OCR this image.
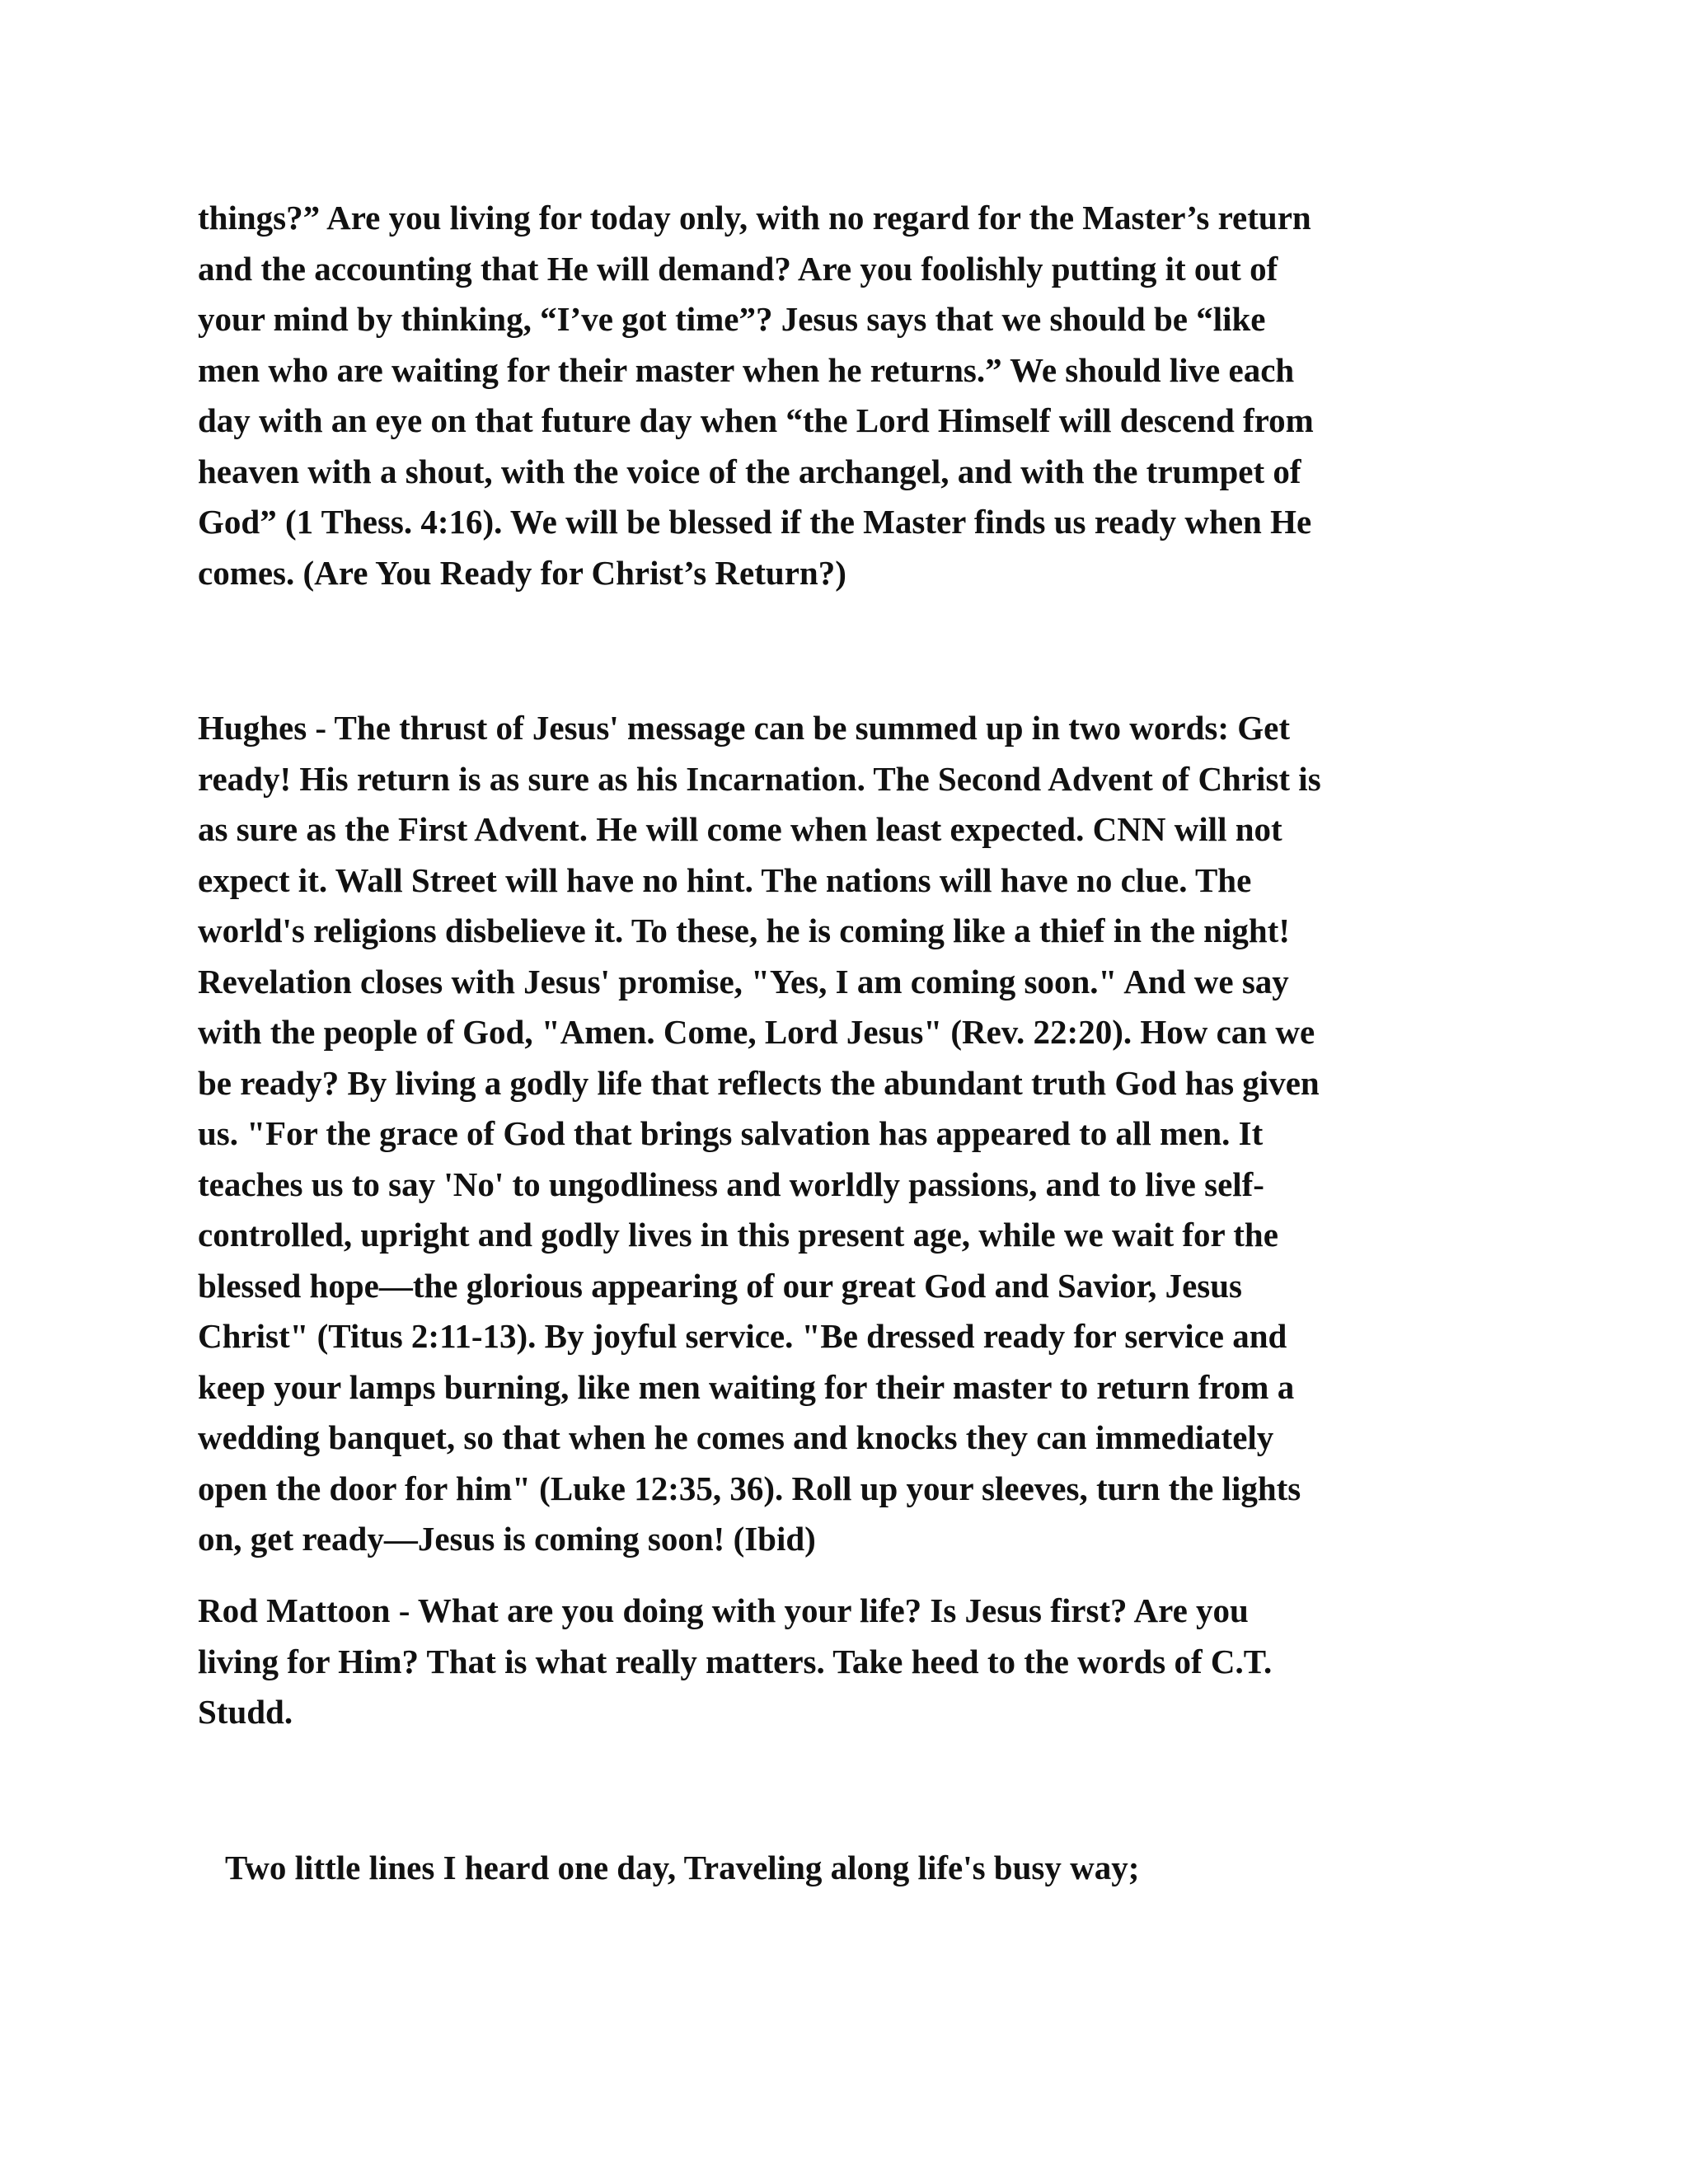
things?” Are you living for today only, with no regard for the Master’s return
and the accounting that He will demand? Are you foolishly putting it out of
your mind by thinking, “I’ve got time”? Jesus says that we should be “like
men who are waiting for their master when he returns.” We should live each
day with an eye on that future day when “the Lord Himself will descend from
heaven with a shout, with the voice of the archangel, and with the trumpet of
God” (1 Thess. 4:16). We will be blessed if the Master finds us ready when He
comes. (Are You Ready for Christ’s Return?)

Hughes - The thrust of Jesus' message can be summed up in two words: Get
ready! His return is as sure as his Incarnation. The Second Advent of Christ is
as sure as the First Advent. He will come when least expected. CNN will not
expect it. Wall Street will have no hint. The nations will have no clue. The
world's religions disbelieve it. To these, he is coming like a thief in the night!
Revelation closes with Jesus' promise, "Yes, I am coming soon." And we say
with the people of God, "Amen. Come, Lord Jesus" (Rev. 22:20). How can we
be ready? By living a godly life that reflects the abundant truth God has given
us. "For the grace of God that brings salvation has appeared to all men. It
teaches us to say 'No' to ungodliness and worldly passions, and to live self-
controlled, upright and godly lives in this present age, while we wait for the
blessed hope—the glorious appearing of our great God and Savior, Jesus
Christ" (Titus 2:11-13). By joyful service. "Be dressed ready for service and
keep your lamps burning, like men waiting for their master to return from a
wedding banquet, so that when he comes and knocks they can immediately
open the door for him" (Luke 12:35, 36). Roll up your sleeves, turn the lights
on, get ready—Jesus is coming soon! (Ibid)

Rod Mattoon - What are you doing with your life? Is Jesus first? Are you
living for Him? That is what really matters. Take heed to the words of C.T.
Studd.

Two little lines I heard one day, Traveling along life's busy way;
